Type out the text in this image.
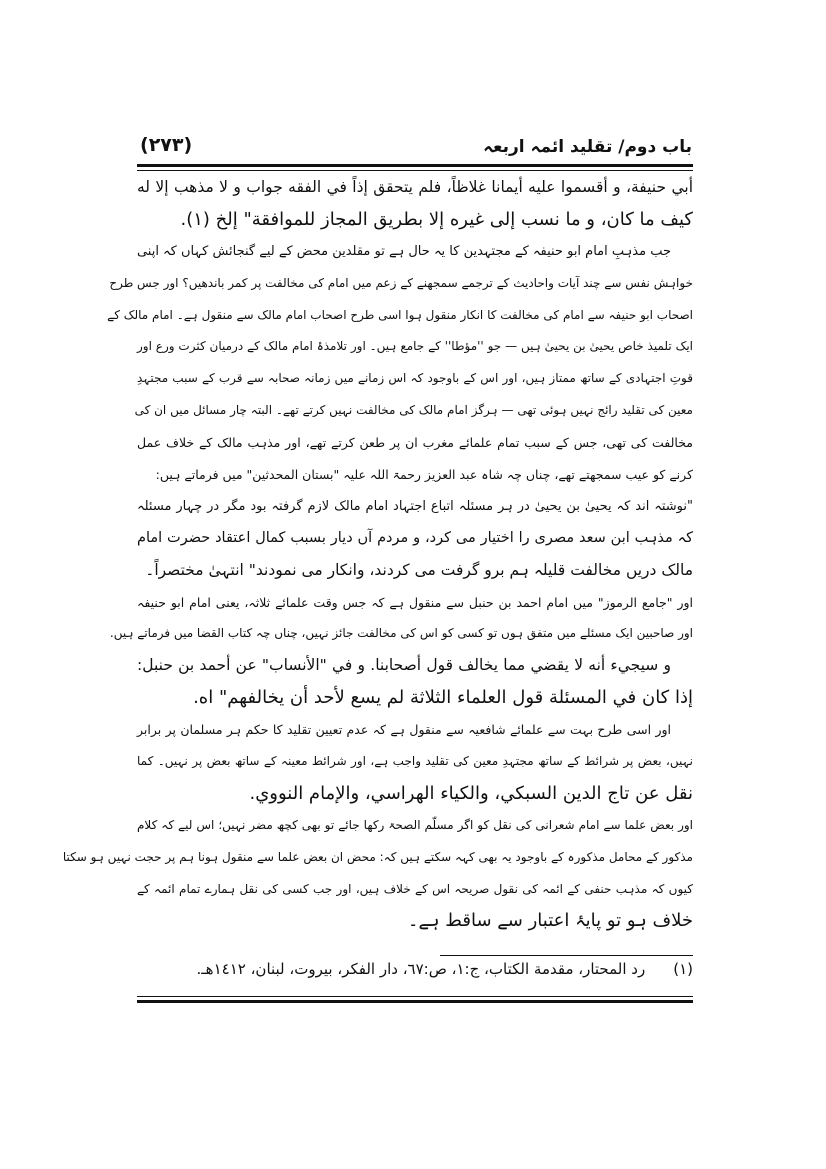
(۲۷۳)	باب دوم/ تقلید ائمہ اربعہ
أبي حنيفة، و أقسموا عليه أيمانا غلاظاً، فلم يتحقق إذاً في الفقه جواب و لا مذهب إلا له
كيف ما كان، و ما نسب إلى غيره إلا بطريق المجاز للموافقة" إلخ (١).
جب مذہبِ امام ابو حنیفہ کے مجتہدین کا یہ حال ہے تو مقلدین محض کے لیے گنجائش کہاں کہ اپنی
خواہش نفس سے چند آیات واحادیث کے ترجمے سمجھنے کے زعم میں امام کی مخالفت پر کمر باندھیں؟ اور جس طرح
اصحاب ابو حنیفہ سے امام کی مخالفت کا انکار منقول ہوا اسی طرح اصحاب امام مالک سے منقول ہے۔ امام مالک کے
ایک تلمیذ خاص یحییٰ بن یحییٰ ہیں — جو ''مؤطا'' کے جامع ہیں۔ اور تلامذۂ امام مالک کے درمیان کثرت ورع اور
قوتِ اجتہادی کے ساتھ ممتاز ہیں، اور اس کے باوجود کہ اس زمانے میں زمانہ صحابہ سے قرب کے سبب مجتہدِ
معین کی تقلید رائج نہیں ہوئی تھی — ہرگز امام مالک کی مخالفت نہیں کرتے تھے۔ البتہ چار مسائل میں ان کی
مخالفت کی تھی، جس کے سبب تمام علمائے مغرب ان پر طعن کرتے تھے، اور مذہب مالک کے خلاف عمل
کرنے کو عیب سمجھتے تھے، چناں چہ شاہ عبد العزیز رحمۃ اللہ علیہ "بستان المحدثین" میں فرماتے ہیں:
"نوشتہ اند کہ یحییٰ بن یحییٰ در ہر مسئلہ اتباع اجتہاد امام مالک لازم گرفتہ بود مگر در چہار مسئلہ
کہ مذہب ابن سعد مصری را اختیار می کرد، و مردم آں دیار بسبب کمال اعتقاد حضرت امام
مالک دریں مخالفت قلیلہ ہم برو گرفت می کردند، وانکار می نمودند" انتہیٰ مختصراً۔
اور "جامع الرموز" میں امام احمد بن حنبل سے منقول ہے کہ جس وقت علمائے ثلاثہ، یعنی امام ابو حنیفہ
اور صاحبین ایک مسئلے میں متفق ہوں تو کسی کو اس کی مخالفت جائز نہیں، چناں چہ کتاب القضا میں فرماتے ہیں.
و سيجيء أنه لا يقضي مما يخالف قول أصحابنا. و في "الأنساب" عن أحمد بن حنبل:
إذا كان في المسئلة قول العلماء الثلاثة لم يسع لأحد أن يخالفهم" اه.
اور اسی طرح بہت سے علمائے شافعیہ سے منقول ہے کہ عدم تعیین تقلید کا حکم ہر مسلمان پر برابر
نہیں، بعض پر شرائط کے ساتھ مجتہدِ معین کی تقلید واجب ہے، اور شرائط معینہ کے ساتھ بعض پر نہیں۔ کما
نقل عن تاج الدين السبكي، والكياء الهراسي، والإمام النووي.
اور بعض علما سے امام شعرانی کی نقل کو اگر مسلّم الصحۃ رکھا جائے تو بھی کچھ مضر نہیں؛ اس لیے کہ کلام
مذکور کے محامل مذکورہ کے باوجود یہ بھی کہہ سکتے ہیں کہ: محض ان بعض علما سے منقول ہونا ہم پر حجت نہیں ہو سکتا
کیوں کہ مذہب حنفی کے ائمہ کی نقول صریحہ اس کے خلاف ہیں، اور جب کسی کی نقل ہمارے تمام ائمہ کے
خلاف ہو تو پایۂ اعتبار سے ساقط ہے۔
(١)رد المحتار، مقدمة الكتاب، ج:١، ص:٦٧، دار الفكر، بيروت، لبنان، ١٤١٢هـ.
